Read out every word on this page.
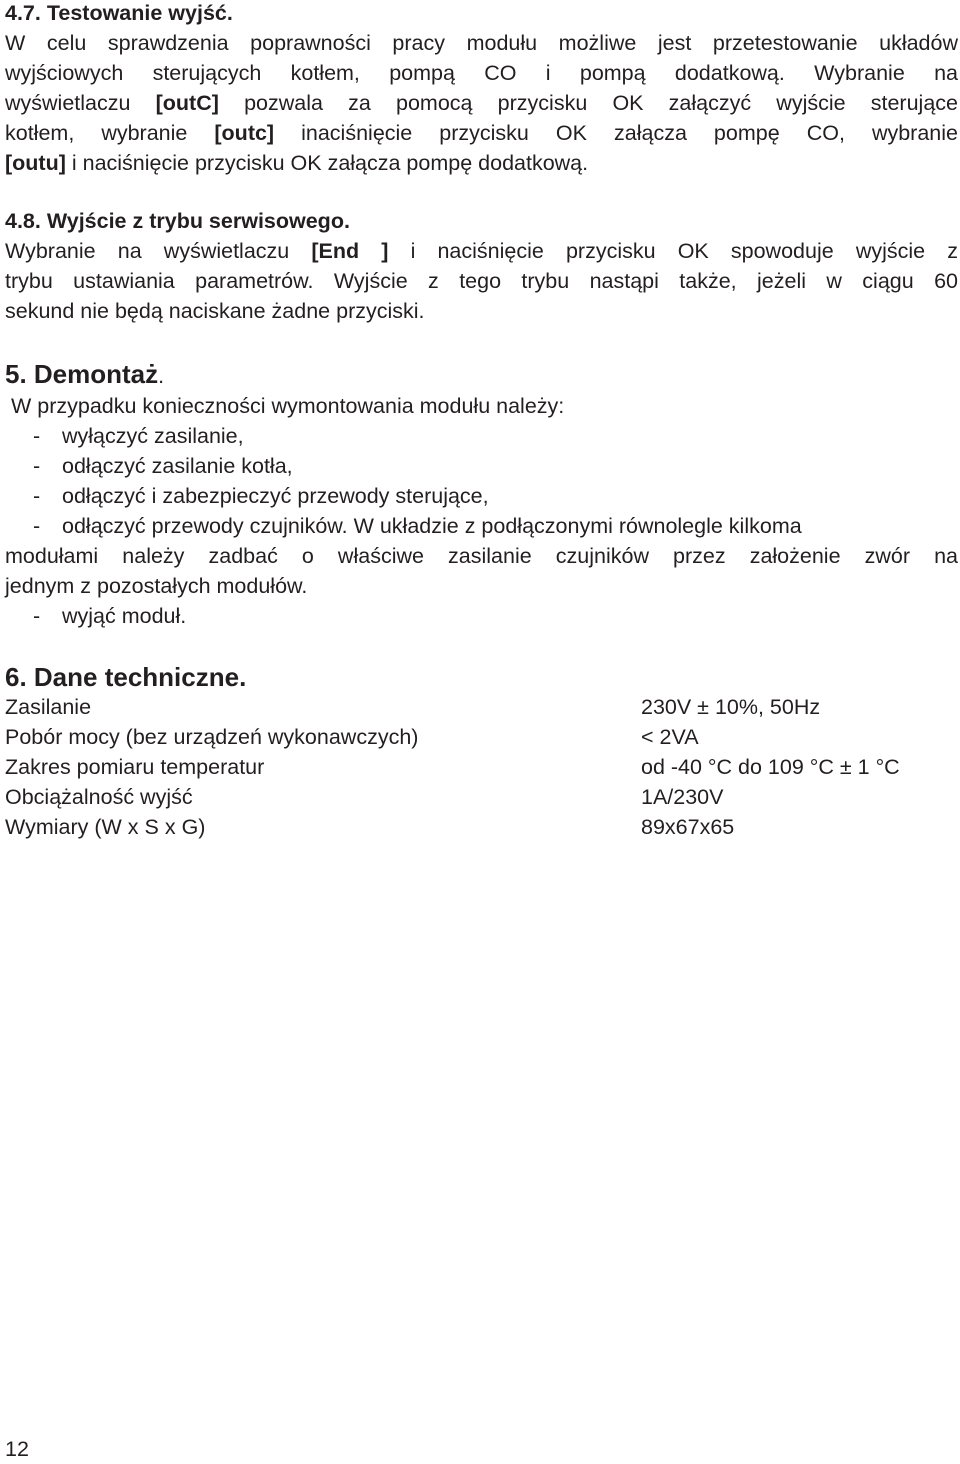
4.7. Testowanie wyjść.
W celu sprawdzenia poprawności pracy modułu możliwe jest przetestowanie układów
wyjściowych sterujących kotłem, pompą CO i pompą dodatkową. Wybranie na
wyświetlaczu [outC] pozwala za pomocą przycisku OK załączyć wyjście sterujące
kotłem, wybranie [outc] inaciśnięcie przycisku OK załącza pompę CO, wybranie
[outu] i naciśnięcie przycisku OK załącza pompę dodatkową.
4.8. Wyjście z trybu serwisowego.
Wybranie na wyświetlaczu [End ] i naciśnięcie przycisku OK spowoduje wyjście z
trybu ustawiania parametrów. Wyjście z tego trybu nastąpi także, jeżeli w ciągu 60
sekund nie będą naciskane żadne przyciski.
5. Demontaż.
W przypadku konieczności wymontowania modułu należy:
- wyłączyć zasilanie,
- odłączyć zasilanie kotła,
- odłączyć i zabezpieczyć przewody sterujące,
- odłączyć przewody czujników. W układzie z podłączonymi równolegle kilkoma
modułami należy zadbać o właściwe zasilanie czujników przez założenie zwór na
jednym z pozostałych modułów.
- wyjąć moduł.
6. Dane techniczne.
Zasilanie	230V ± 10%, 50Hz
Pobór mocy (bez urządzeń wykonawczych)	< 2VA
Zakres pomiaru temperatur	od -40 °C do 109 °C ± 1 °C
Obciążalność wyjść	1A/230V
Wymiary (W x S x G)	89x67x65
12
